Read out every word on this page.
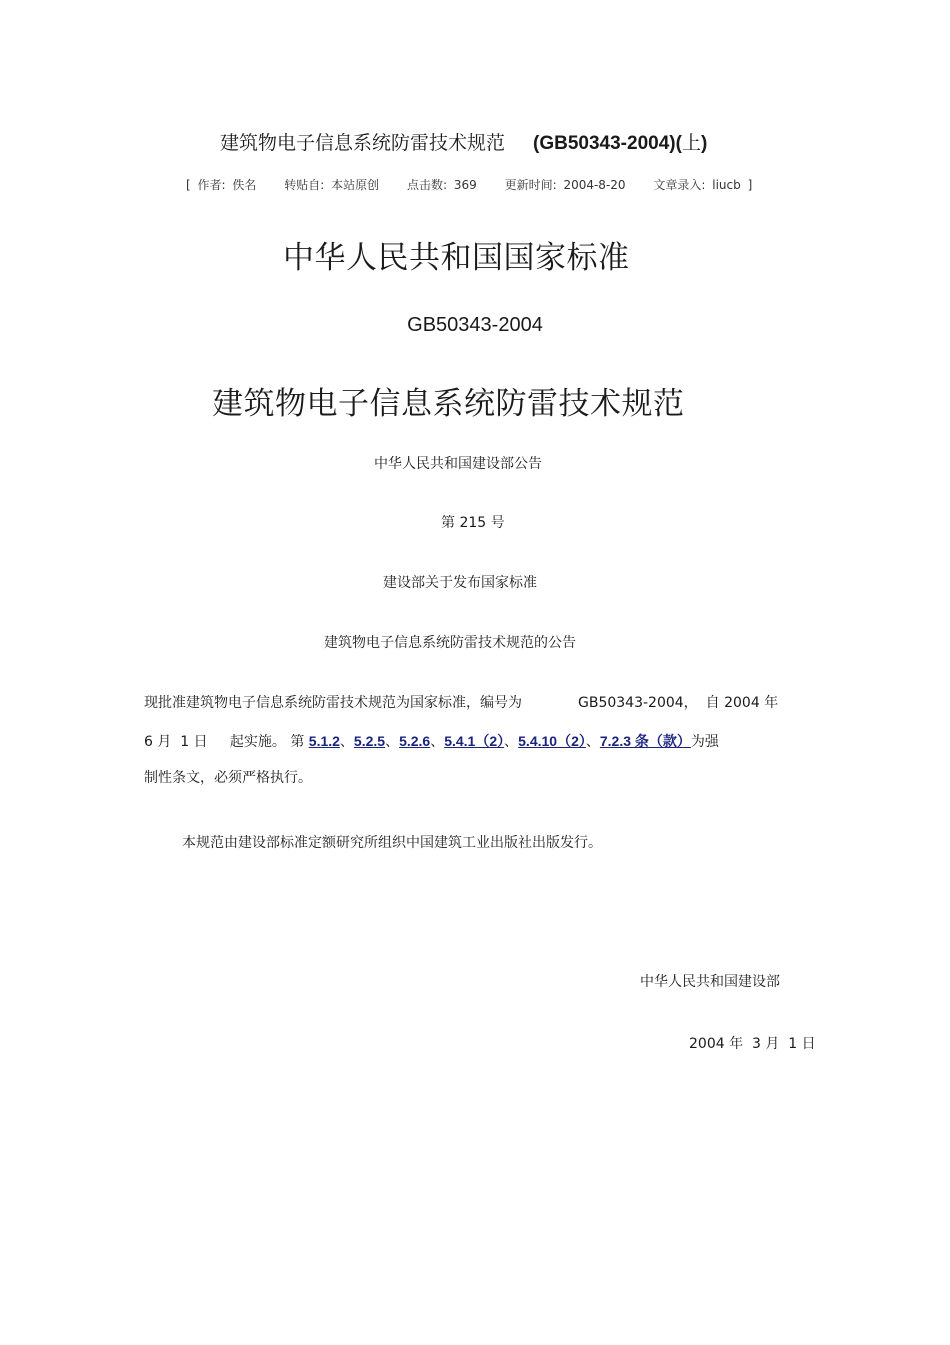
建筑物电子信息系统防雷技术规范 (GB50343-2004)(上)
[ 作者: 佚名 转贴自: 本站原创 点击数: 369 更新时间: 2004-8-20 文章录入: liucb ]
中华人民共和国国家标准
GB50343-2004
建筑物电子信息系统防雷技术规范
中华人民共和国建设部公告
第 215 号
建设部关于发布国家标准
建筑物电子信息系统防雷技术规范的公告
现批准建筑物电子信息系统防雷技术规范为国家标准，编号为	GB50343-2004， 自 2004 年
6 月  1 日     起实施。 第 5.1.2、5.2.5、5.2.6、5.4.1（2）、5.4.10（2）、7.2.3 条（款）为强
制性条文，必须严格执行。
本规范由建设部标准定额研究所组织中国建筑工业出版社出版发行。
中华人民共和国建设部
2004 年  3 月  1 日
